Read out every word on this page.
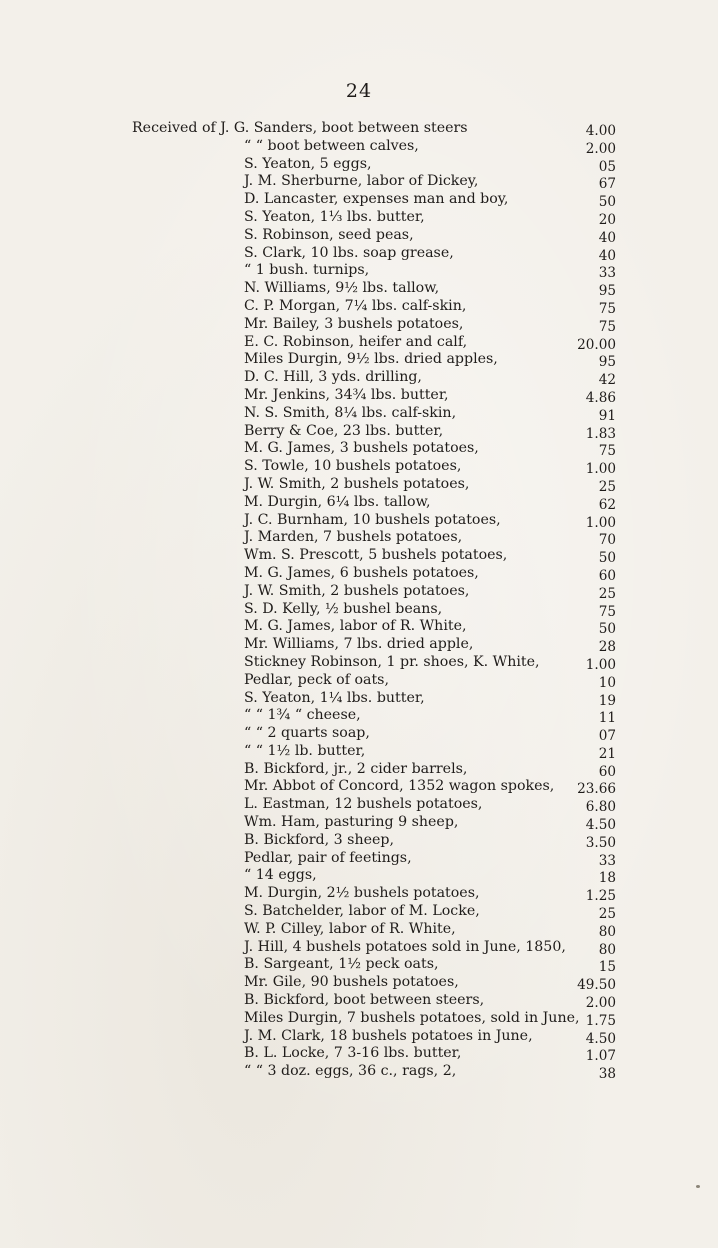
24
Received of J. G. Sanders, boot between steers	4.00
“ “ boot between calves,	2.00
S. Yeaton, 5 eggs,	05
J. M. Sherburne, labor of Dickey,	67
D. Lancaster, expenses man and boy,	50
S. Yeaton, 1⅓ lbs. butter,	20
S. Robinson, seed peas,	40
S. Clark, 10 lbs. soap grease,	40
“ 1 bush. turnips,	33
N. Williams, 9½ lbs. tallow,	95
C. P. Morgan, 7¼ lbs. calf-skin,	75
Mr. Bailey, 3 bushels potatoes,	75
E. C. Robinson, heifer and calf,	20.00
Miles Durgin, 9½ lbs. dried apples,	95
D. C. Hill, 3 yds. drilling,	42
Mr. Jenkins, 34¾ lbs. butter,	4.86
N. S. Smith, 8¼ lbs. calf-skin,	91
Berry & Coe, 23 lbs. butter,	1.83
M. G. James, 3 bushels potatoes,	75
S. Towle, 10 bushels potatoes,	1.00
J. W. Smith, 2 bushels potatoes,	25
M. Durgin, 6¼ lbs. tallow,	62
J. C. Burnham, 10 bushels potatoes,	1.00
J. Marden, 7 bushels potatoes,	70
Wm. S. Prescott, 5 bushels potatoes,	50
M. G. James, 6 bushels potatoes,	60
J. W. Smith, 2 bushels potatoes,	25
S. D. Kelly, ½ bushel beans,	75
M. G. James, labor of R. White,	50
Mr. Williams, 7 lbs. dried apple,	28
Stickney Robinson, 1 pr. shoes, K. White,	1.00
Pedlar, peck of oats,	10
S. Yeaton, 1¼ lbs. butter,	19
“ “ 1¾ “ cheese,	11
“ “ 2 quarts soap,	07
“ “ 1½ lb. butter,	21
B. Bickford, jr., 2 cider barrels,	60
Mr. Abbot of Concord, 1352 wagon spokes, 23.66
L. Eastman, 12 bushels potatoes,	6.80
Wm. Ham, pasturing 9 sheep,	4.50
B. Bickford, 3 sheep,	3.50
Pedlar, pair of feetings,	33
“ 14 eggs,	18
M. Durgin, 2½ bushels potatoes,	1.25
S. Batchelder, labor of M. Locke,	25
W. P. Cilley, labor of R. White,	80
J. Hill, 4 bushels potatoes sold in June, 1850, 80
B. Sargeant, 1½ peck oats,	15
Mr. Gile, 90 bushels potatoes,	49.50
B. Bickford, boot between steers,	2.00
Miles Durgin, 7 bushels potatoes, sold in June, 1.75
J. M. Clark, 18 bushels potatoes in June,	4.50
B. L. Locke, 7 3-16 lbs. butter,	1.07
“ “ 3 doz. eggs, 36 c., rags, 2,	38
